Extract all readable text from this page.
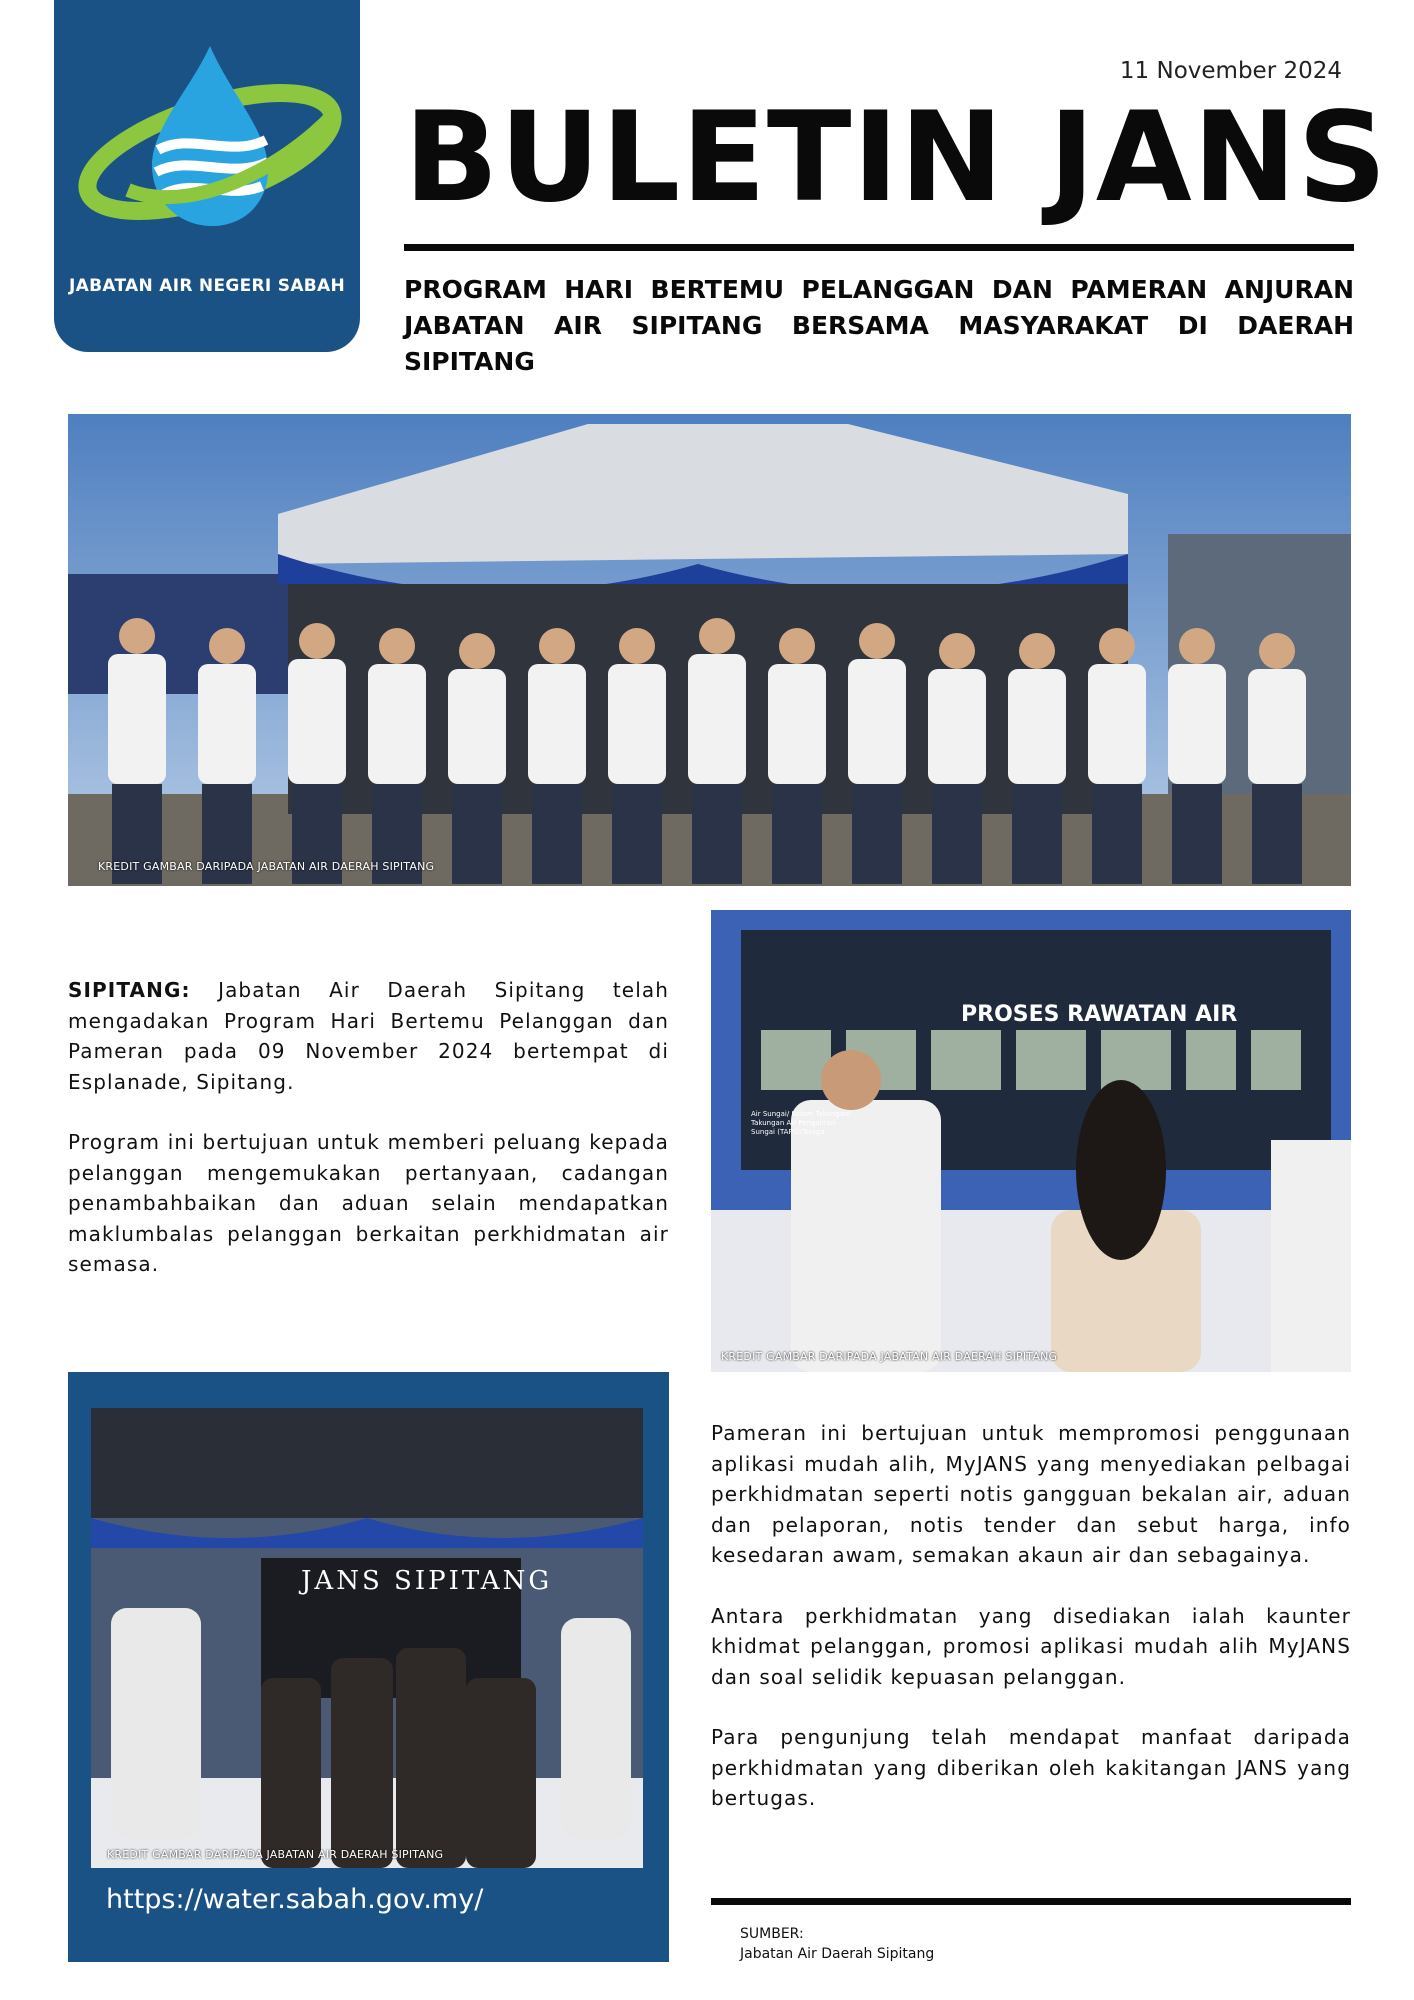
JABATAN AIR NEGERI SABAH
11 November 2024
BULETIN JANS
PROGRAM HARI BERTEMU PELANGGAN DAN PAMERAN ANJURAN JABATAN AIR SIPITANG BERSAMA MASYARAKAT DI DAERAH SIPITANG
KREDIT GAMBAR DARIPADA JABATAN AIR DAERAH SIPITANG

SIPITANG: Jabatan Air Daerah Sipitang telah mengadakan Program Hari Bertemu Pelanggan dan Pameran pada 09 November 2024 bertempat di Esplanade, Sipitang.

Program ini bertujuan untuk memberi peluang kepada pelanggan mengemukakan pertanyaan, cadangan penambahbaikan dan aduan selain mendapatkan maklumbalas pelanggan berkaitan perkhidmatan air semasa.

PROSES RAWATAN AIR
Air Sungai/ Kolam Takungan/ Takungan Air Pengaliran Sungai (TAPS)/Telaga
KREDIT GAMBAR DARIPADA JABATAN AIR DAERAH SIPITANG
JANS SIPITANG
KREDIT GAMBAR DARIPADA JABATAN AIR DAERAH SIPITANG
https://water.sabah.gov.my/

Pameran ini bertujuan untuk mempromosi penggunaan aplikasi mudah alih, MyJANS yang menyediakan pelbagai perkhidmatan seperti notis gangguan bekalan air, aduan dan pelaporan, notis tender dan sebut harga, info kesedaran awam, semakan akaun air dan sebagainya.

Antara perkhidmatan yang disediakan ialah kaunter khidmat pelanggan, promosi aplikasi mudah alih MyJANS dan soal selidik kepuasan pelanggan.

Para pengunjung telah mendapat manfaat daripada perkhidmatan yang diberikan oleh kakitangan JANS yang bertugas.

SUMBER:
Jabatan Air Daerah Sipitang
